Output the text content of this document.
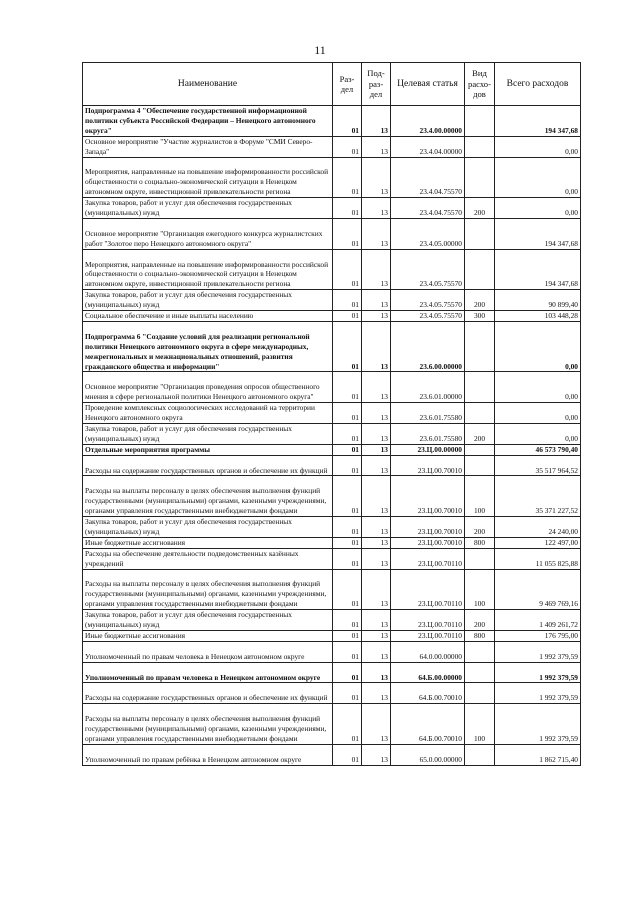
11
Наименование	Раз- дел	Под- раз- дел	Целевая статья	Вид расхо- дов	Всего расходов
Подпрограмма 4 "Обеспечение государственной информационной политики субъекта Российской Федерации – Ненецкого автономного округа"	01	13	23.4.00.00000		194 347,68
Основное мероприятие "Участие журналистов в Форуме "СМИ Северо-Запада"	01	13	23.4.04.00000		0,00
Мероприятия, направленные на повышение информированности российской общественности о социально-экономической ситуации в Ненецком автономном округе, инвестиционной привлекательности региона	01	13	23.4.04.75570		0,00
Закупка товаров, работ и услуг для обеспечения государственных (муниципальных) нужд	01	13	23.4.04.75570	200	0,00
Основное мероприятие "Организация ежегодного конкурса журналистских работ "Золотое перо Ненецкого автономного округа"	01	13	23.4.05.00000		194 347,68
Мероприятия, направленные на повышение информированности российской общественности о социально-экономической ситуации в Ненецком автономном округе, инвестиционной привлекательности региона	01	13	23.4.05.75570		194 347,68
Закупка товаров, работ и услуг для обеспечения государственных (муниципальных) нужд	01	13	23.4.05.75570	200	90 899,40
Социальное обеспечение и иные выплаты населению	01	13	23.4.05.75570	300	103 448,28
Подпрограмма 6 "Создание условий для реализации региональной политики Ненецкого автономного округа в сфере международных, межрегиональных и межнациональных отношений, развития гражданского общества и информации"	01	13	23.6.00.00000		0,00
Основное мероприятие "Организация проведения опросов общественного мнения в сфере региональной политики Ненецкого автономного округа"	01	13	23.6.01.00000		0,00
Проведение комплексных социологических исследований на территории Ненецкого автономного округа	01	13	23.6.01.75580		0,00
Закупка товаров, работ и услуг для обеспечения государственных (муниципальных) нужд	01	13	23.6.01.75580	200	0,00
Отдельные мероприятия программы	01	13	23.Ц.00.00000		46 573 790,40
Расходы на содержание государственных органов и обеспечение их функций	01	13	23.Ц.00.70010		35 517 964,52
Расходы на выплаты персоналу в целях обеспечения выполнения функций государственными (муниципальными) органами, казенными учреждениями, органами управления государственными внебюджетными фондами	01	13	23.Ц.00.70010	100	35 371 227,52
Закупка товаров, работ и услуг для обеспечения государственных (муниципальных) нужд	01	13	23.Ц.00.70010	200	24 240,00
Иные бюджетные ассигнования	01	13	23.Ц.00.70010	800	122 497,00
Расходы на обеспечение деятельности подведомственных казённых учреждений	01	13	23.Ц.00.70110		11 055 825,88
Расходы на выплаты персоналу в целях обеспечения выполнения функций государственными (муниципальными) органами, казенными учреждениями, органами управления государственными внебюджетными фондами	01	13	23.Ц.00.70110	100	9 469 769,16
Закупка товаров, работ и услуг для обеспечения государственных (муниципальных) нужд	01	13	23.Ц.00.70110	200	1 409 261,72
Иные бюджетные ассигнования	01	13	23.Ц.00.70110	800	176 795,00
Уполномоченный по правам человека в Ненецком автономном округе	01	13	64.0.00.00000		1 992 379,59
Уполномоченный по правам человека в Ненецком автономном округе	01	13	64.Б.00.00000		1 992 379,59
Расходы на содержание государственных органов и обеспечение их функций	01	13	64.Б.00.70010		1 992 379,59
Расходы на выплаты персоналу в целях обеспечения выполнения функций государственными (муниципальными) органами, казенными учреждениями, органами управления государственными внебюджетными фондами	01	13	64.Б.00.70010	100	1 992 379,59
Уполномоченный по правам ребёнка в Ненецком автономном округе	01	13	65.0.00.00000		1 862 715,40
